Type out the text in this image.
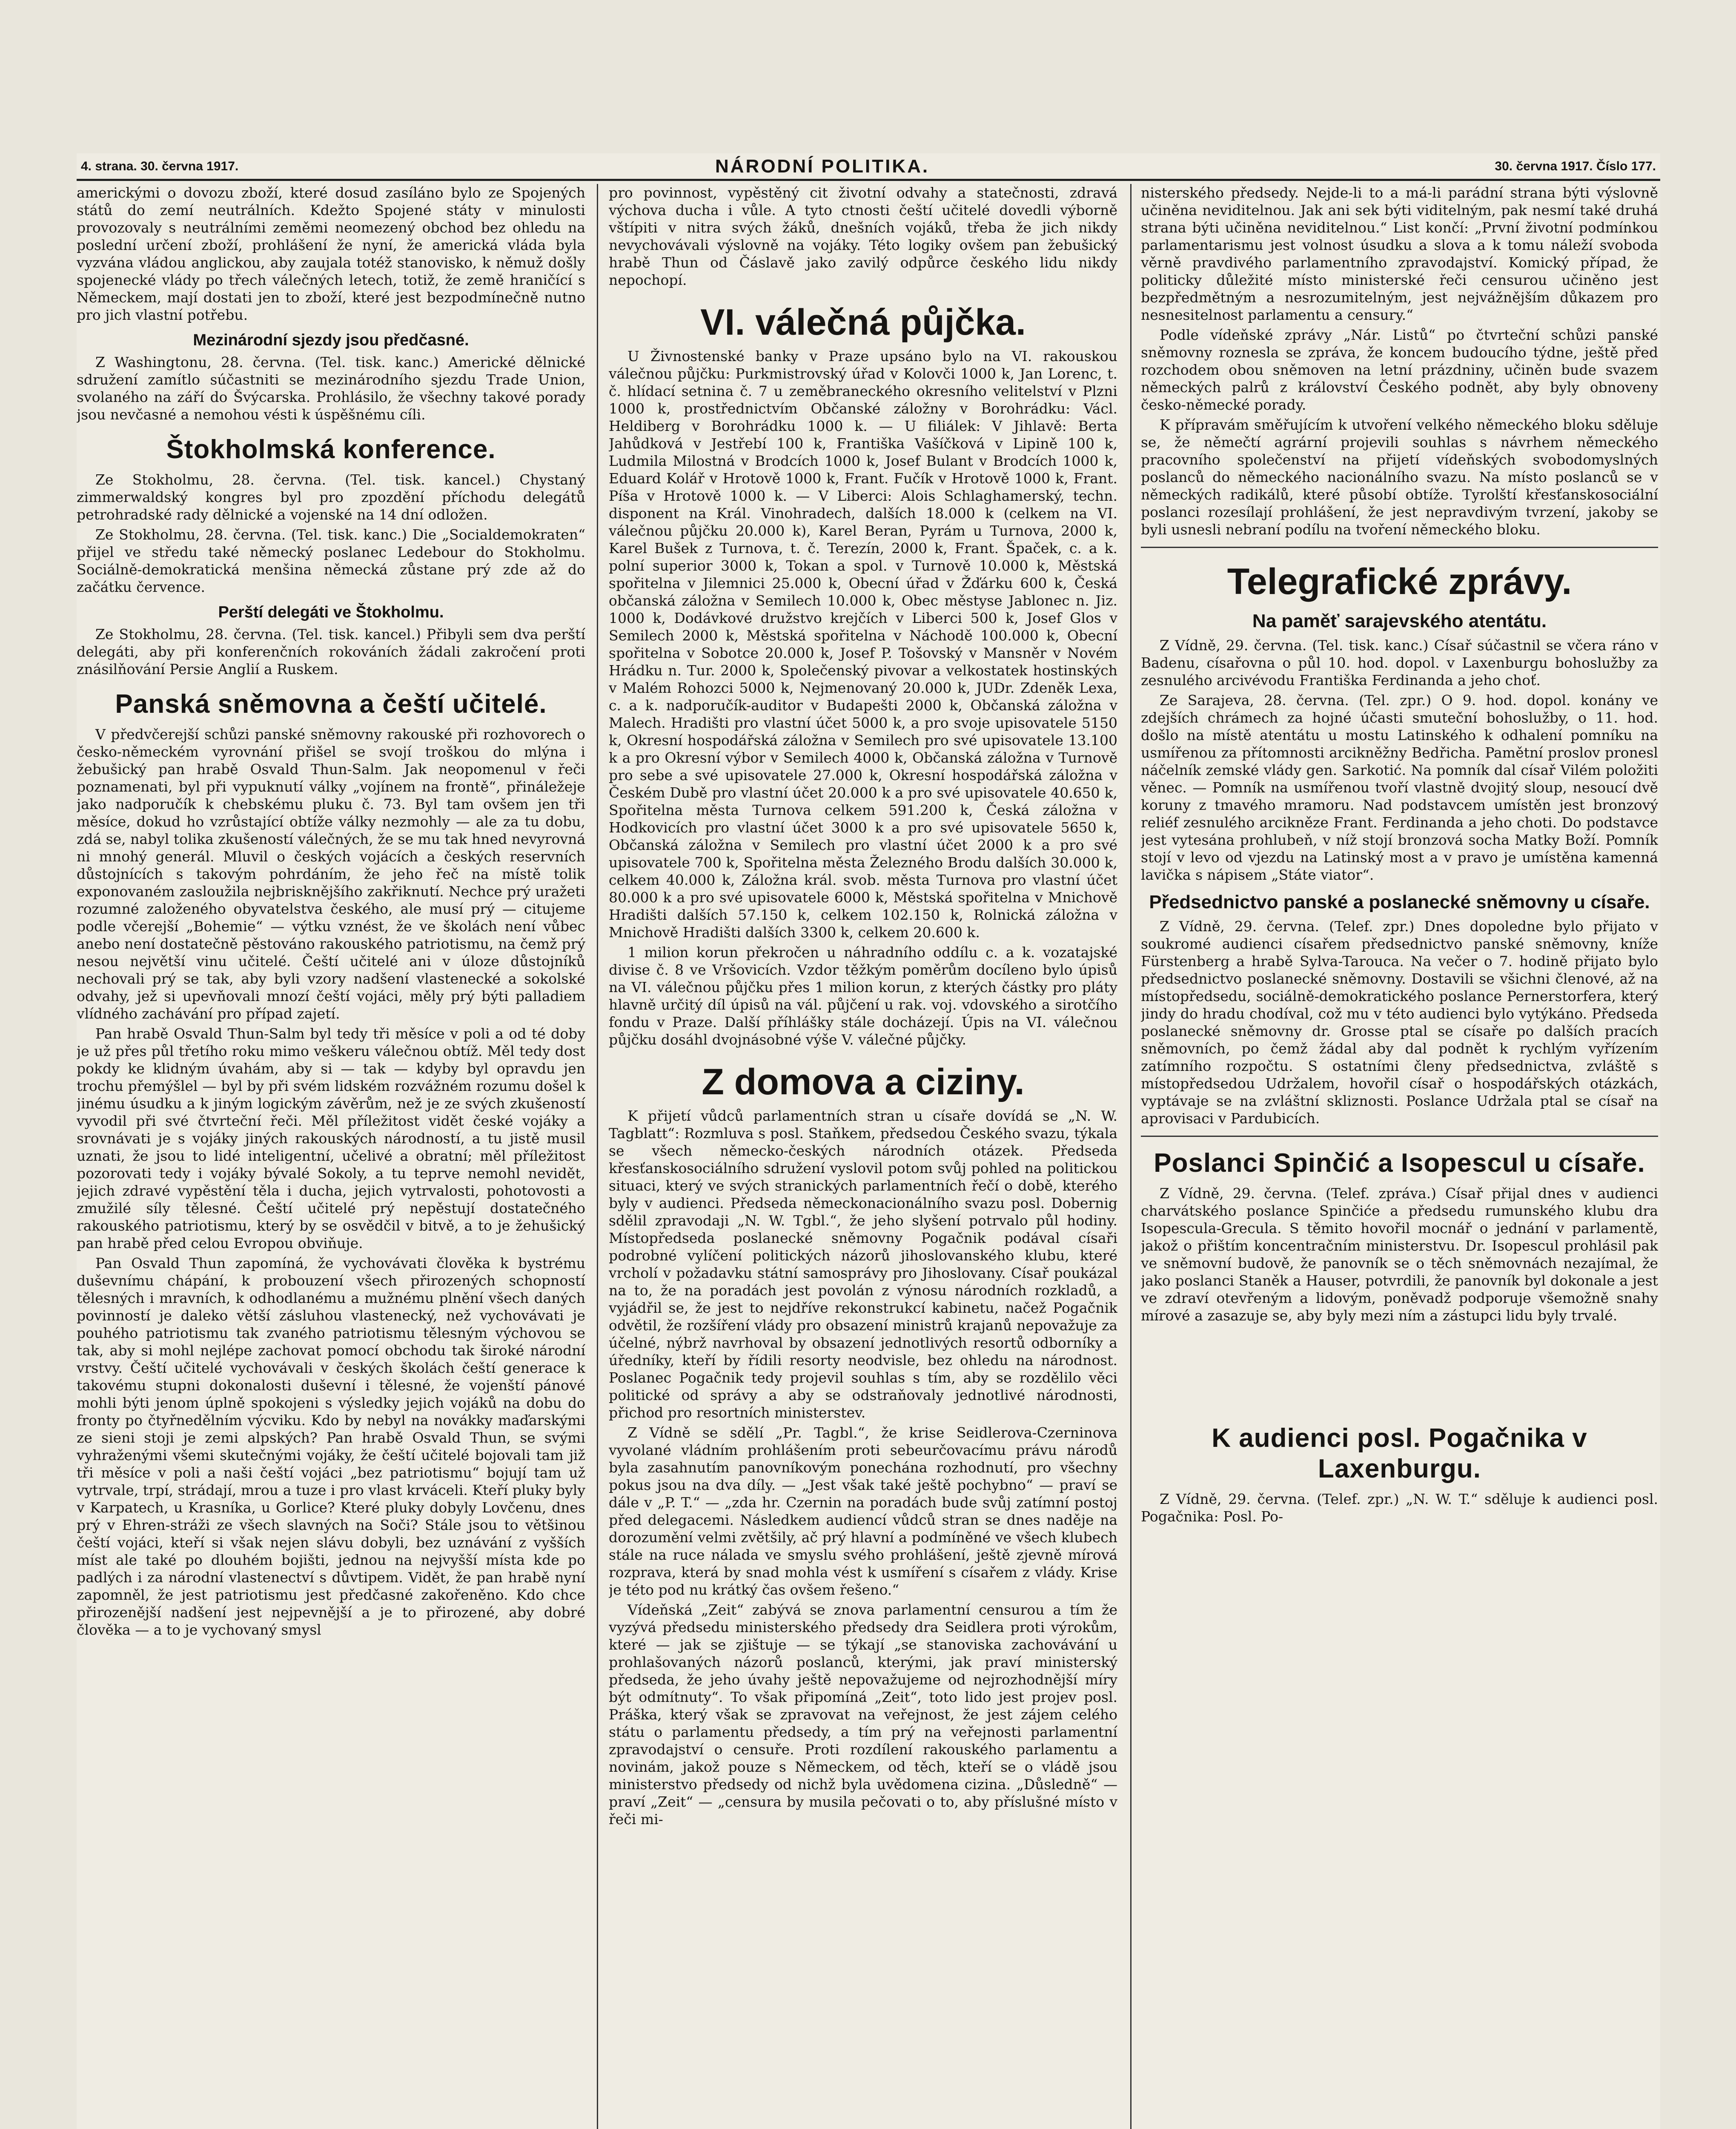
4. strana. 30. června 1917.	NÁRODNÍ POLITIKA.	30. června 1917. Číslo 177.

americkými o dovozu zboží, které dosud zasíláno bylo ze Spojených států do zemí neutrálních. Kdežto Spojené státy v minulosti provozovaly s neutrálními zeměmi neomezený obchod bez ohledu na poslední určení zboží, prohlášení že nyní, že americká vláda byla vyzvána vládou anglickou, aby zaujala totéž stanovisko, k němuž došly spojenecké vlády po třech válečných letech, totiž, že země hraničící s Německem, mají dostati jen to zboží, které jest bezpodmínečně nutno pro jich vlastní potřebu.

Mezinárodní sjezdy jsou předčasné.

Z Washingtonu, 28. června. (Tel. tisk. kanc.) Americké dělnické sdružení zamítlo súčastniti se mezinárodního sjezdu Trade Union, svolaného na září do Švýcarska. Prohlásilo, že všechny takové porady jsou nevčasné a nemohou vésti k úspěšnému cíli.

Štokholmská konference.

Ze Stokholmu, 28. června. (Tel. tisk. kancel.) Chystaný zimmerwaldský kongres byl pro zpozdění příchodu delegátů petrohradské rady dělnické a vojenské na 14 dní odložen.

Ze Stokholmu, 28. června. (Tel. tisk. kanc.) Die „Socialdemokraten“ přijel ve středu také německý poslanec Ledebour do Stokholmu. Sociálně-demokratická menšina německá zůstane prý zde až do začátku července.

Perští delegáti ve Štokholmu.

Ze Stokholmu, 28. června. (Tel. tisk. kancel.) Přibyli sem dva perští delegáti, aby při konferenčních rokováních žádali zakročení proti znásilňování Persie Anglií a Ruskem.

Panská sněmovna a čeští učitelé.

V předvčerejší schůzi panské sněmovny rakouské při rozhovorech o česko-německém vyrovnání přišel se svojí troškou do mlýna i žebušický pan hrabě Osvald Thun-Salm. Jak neopomenul v řeči poznamenati, byl při vypuknutí války „vojínem na frontě“, přináležeje jako nadporučík k chebskému pluku č. 73. Byl tam ovšem jen tři měsíce, dokud ho vzrůstající obtíže války nezmohly — ale za tu dobu, zdá se, nabyl tolika zkušeností válečných, že se mu tak hned nevyrovná ni mnohý generál. Mluvil o českých vojácích a českých reservních důstojnících s takovým pohrdáním, že jeho řeč na místě tolik exponovaném zasloužila nejbrisknějšího zakřiknutí. Nechce prý uražeti rozumné založeného obyvatelstva českého, ale musí prý — citujeme podle včerejší „Bohemie“ — výtku vznést, že ve školách není vůbec anebo není dostatečně pěstováno rakouského patriotismu, na čemž prý nesou největší vinu učitelé. Čeští učitelé ani v úloze důstojníků nechovali prý se tak, aby byli vzory nadšení vlastenecké a sokolské odvahy, jež si upevňovali mnozí čeští vojáci, měly prý býti palladiem vlídného zachávání pro případ zajetí.

Pan hrabě Osvald Thun-Salm byl tedy tři měsíce v poli a od té doby je už přes půl třetího roku mimo veškeru válečnou obtíž. Měl tedy dost pokdy ke klidným úvahám, aby si — tak — kdyby byl opravdu jen trochu přemýšlel — byl by při svém lidském rozvážném rozumu došel k jinému úsudku a k jiným logickým závěrům, než je ze svých zkušeností vyvodil při své čtvrteční řeči. Měl příležitost vidět české vojáky a srovnávati je s vojáky jiných rakouských národností, a tu jistě musil uznati, že jsou to lidé inteligentní, učelivé a obratní; měl příležitost pozorovati tedy i vojáky bývalé Sokoly, a tu teprve nemohl nevidět, jejich zdravé vypěstění těla i ducha, jejich vytrvalosti, pohotovosti a zmužilé síly tělesné. Čeští učitelé prý nepěstují dostatečného rakouského patriotismu, který by se osvědčil v bitvě, a to je žehušický pan hrabě před celou Evropou obviňuje.

Pan Osvald Thun zapomíná, že vychovávati člověka k bystrému duševnímu chápání, k probouzení všech přirozených schopností tělesných i mravních, k odhodlanému a mužnému plnění všech daných povinností je daleko větší zásluhou vlastenecký, než vychovávati je pouhého patriotismu tak zvaného patriotismu tělesným výchovou se tak, aby si mohl nejlépe zachovat pomocí obchodu tak široké národní vrstvy. Čeští učitelé vychovávali v českých školách čeští generace k takovému stupni dokonalosti duševní i tělesné, že vojenští pánové mohli býti jenom úplně spokojeni s výsledky jejich vojáků na dobu do fronty po čtyřnedělním výcviku. Kdo by nebyl na novákky maďarskými ze sieni stoji je zemi alpských? Pan hrabě Osvald Thun, se svými vyhraženými všemi skutečnými vojáky, že čeští učitelé bojovali tam již tři měsíce v poli a naši čeští vojáci „bez patriotismu“ bojují tam už vytrvale, trpí, strádají, mrou a tuze i pro vlast krváceli. Kteří pluky byly v Karpatech, u Krasníka, u Gorlice? Které pluky dobyly Lovčenu, dnes prý v Ehren-stráži ze všech slavných na Soči? Stále jsou to většinou čeští vojáci, kteří si však nejen slávu dobyli, bez uznávání z vyšších míst ale také po dlouhém bojišti, jednou na nejvyšší místa kde po padlých i za národní vlastenectví s důvtipem. Vidět, že pan hrabě nyní zapomněl, že jest patriotismu jest předčasné zakořeněno. Kdo chce přirozenější nadšení jest nejpevnější a je to přirozené, aby dobré člověka — a to je vychovaný smysl

pro povinnost, vypěstěný cit životní odvahy a statečnosti, zdravá výchova ducha i vůle. A tyto ctnosti čeští učitelé dovedli výborně vštípiti v nitra svých žáků, dnešních vojáků, třeba že jich nikdy nevychovávali výslovně na vojáky. Této logiky ovšem pan žebušický hrabě Thun od Čáslavě jako zavilý odpůrce českého lidu nikdy nepochopí.

VI. válečná půjčka.

U Živnostenské banky v Praze upsáno bylo na VI. rakouskou válečnou půjčku: Purkmistrovský úřad v Kolovči 1000 k, Jan Lorenc, t. č. hlídací setnina č. 7 u zeměbraneckého okresního velitelství v Plzni 1000 k, prostřednictvím Občanské záložny v Borohrádku: Václ. Heldiberg v Borohrádku 1000 k. — U filiálek: V Jihlavě: Berta Jahůdková v Jestřebí 100 k, Františka Vašíčková v Lipině 100 k, Ludmila Milostná v Brodcích 1000 k, Josef Bulant v Brodcích 1000 k, Eduard Kolář v Hrotově 1000 k, Frant. Fučík v Hrotově 1000 k, Frant. Píša v Hrotově 1000 k. — V Liberci: Alois Schlaghamerský, techn. disponent na Král. Vinohradech, dalších 18.000 k (celkem na VI. válečnou půjčku 20.000 k), Karel Beran, Pyrám u Turnova, 2000 k, Karel Bušek z Turnova, t. č. Terezín, 2000 k, Frant. Špaček, c. a k. polní superior 3000 k, Tokan a spol. v Turnově 10.000 k, Městská spořitelna v Jilemnici 25.000 k, Obecní úřad v Žďárku 600 k, Česká občanská záložna v Semilech 10.000 k, Obec městyse Jablonec n. Jiz. 1000 k, Dodávkové družstvo krejčích v Liberci 500 k, Josef Glos v Semilech 2000 k, Městská spořitelna v Náchodě 100.000 k, Obecní spořitelna v Sobotce 20.000 k, Josef P. Tošovský v Mansněr v Novém Hrádku n. Tur. 2000 k, Společenský pivovar a velkostatek hostinských v Malém Rohozci 5000 k, Nejmenovaný 20.000 k, JUDr. Zdeněk Lexa, c. a k. nadporučík-auditor v Budapešti 2000 k, Občanská záložna v Malech. Hradišti pro vlastní účet 5000 k, a pro svoje upisovatele 5150 k, Okresní hospodářská záložna v Semilech pro své upisovatele 13.100 k a pro Okresní výbor v Semilech 4000 k, Občanská záložna v Turnově pro sebe a své upisovatele 27.000 k, Okresní hospodářská záložna v Českém Dubě pro vlastní účet 20.000 k a pro své upisovatele 40.650 k, Spořitelna města Turnova celkem 591.200 k, Česká záložna v Hodkovicích pro vlastní účet 3000 k a pro své upisovatele 5650 k, Občanská záložna v Semilech pro vlastní účet 2000 k a pro své upisovatele 700 k, Spořitelna města Železného Brodu dalších 30.000 k, celkem 40.000 k, Záložna král. svob. města Turnova pro vlastní účet 80.000 k a pro své upisovatele 6000 k, Městská spořitelna v Mnichově Hradišti dalších 57.150 k, celkem 102.150 k, Rolnická záložna v Mnichově Hradišti dalších 3300 k, celkem 20.600 k.

1 milion korun překročen u náhradního oddílu c. a k. vozatajské divise č. 8 ve Vršovicích. Vzdor těžkým poměrům docíleno bylo úpisů na VI. válečnou půjčku přes 1 milion korun, z kterých částky pro pláty hlavně určitý díl úpisů na vál. půjčení u rak. voj. vdovského a sirotčího fondu v Praze. Další příhlášky stále docházejí. Úpis na VI. válečnou půjčku dosáhl dvojnásobné výše V. válečné půjčky.

Z domova a ciziny.

K přijetí vůdců parlamentních stran u císaře dovídá se „N. W. Tagblatt“: Rozmluva s posl. Staňkem, předsedou Českého svazu, týkala se všech německo-českých národních otázek. Předseda křesťanskosociálního sdružení vyslovil potom svůj pohled na politickou situaci, který ve svých stranických parlamentních řečí o době, kterého byly v audienci. Předseda německonacionálního svazu posl. Dobernig sdělil zpravodaji „N. W. Tgbl.“, že jeho slyšení potrvalo půl hodiny. Místopředseda poslanecké sněmovny Pogačnik podával císaři podrobné vylíčení politických názorů jihoslovanského klubu, které vrcholí v požadavku státní samosprávy pro Jihoslovany. Císař poukázal na to, že na poradách jest povolán z výnosu národních rozkladů, a vyjádřil se, že jest to nejdříve rekonstrukcí kabinetu, načež Pogačnik odvětil, že rozšíření vlády pro obsazení ministrů krajanů nepovažuje za účelné, nýbrž navrhoval by obsazení jednotlivých resortů odborníky a úředníky, kteří by řídili resorty neodvisle, bez ohledu na národnost. Poslanec Pogačnik tedy projevil souhlas s tím, aby se rozdělilo věci politické od správy a aby se odstraňovaly jednotlivé národnosti, přichod pro resortních ministerstev.

Z Vídně se sdělí „Pr. Tagbl.“, že krise Seidlerova-Czerninova vyvolané vládním prohlášením proti sebeurčovacímu právu národů byla zasahnutím panovníkovým ponechána rozhodnutí, pro všechny pokus jsou na dva díly. — „Jest však také ještě pochybno“ — praví se dále v „P. T.“ — „zda hr. Czernin na poradách bude svůj zatímní postoj před delegacemi. Následkem audiencí vůdců stran se dnes naděje na dorozumění velmi zvětšily, ač prý hlavní a podmíněné ve všech klubech stále na ruce nálada ve smyslu svého prohlášení, ještě zjevně mírová rozprava, která by snad mohla vést k usmíření s císařem z vlády. Krise je této pod nu krátký čas ovšem řešeno.“

Vídeňská „Zeit“ zabývá se znova parlamentní censurou a tím že vyzývá předsedu ministerského předsedy dra Seidlera proti výrokům, které — jak se zjištuje — se týkají „se stanoviska zachovávání u prohlašovaných názorů poslanců, kterými, jak praví ministerský předseda, že jeho úvahy ještě nepovažujeme od nejrozhodnější míry být odmítnuty“. To však připomíná „Zeit“, toto lido jest projev posl. Práška, který však se zpravovat na veřejnost, že jest zájem celého státu o parlamentu předsedy, a tím prý na veřejnosti parlamentní zpravodajství o censuře. Proti rozdílení rakouského parlamentu a novinám, jakož pouze s Německem, od těch, kteří se o vládě jsou ministerstvo předsedy od nichž byla uvědomena cizina. „Důsledně“ — praví „Zeit“ — „censura by musila pečovati o to, aby příslušné místo v řeči mi-

nisterského předsedy. Nejde-li to a má-li parádní strana býti výslovně učiněna neviditelnou. Jak ani sek býti viditelným, pak nesmí také druhá strana býti učiněna neviditelnou.“ List končí: „První životní podmínkou parlamentarismu jest volnost úsudku a slova a k tomu náleží svoboda věrně pravdivého parlamentního zpravodajství. Komický případ, že politicky důležité místo ministerské řeči censurou učiněno jest bezpředmětným a nesrozumitelným, jest nejvážnějším důkazem pro nesnesitelnost parlamentu a censury.“

Podle vídeňské zprávy „Nár. Listů“ po čtvrteční schůzi panské sněmovny roznesla se zpráva, že koncem budoucího týdne, ještě před rozchodem obou sněmoven na letní prázdniny, učiněn bude svazem německých palrů z království Českého podnět, aby byly obnoveny česko-německé porady.

K přípravám směřujícím k utvoření velkého německého bloku sděluje se, že němečtí agrární projevili souhlas s návrhem německého pracovního společenství na přijetí vídeňských svobodomyslných poslanců do německého nacionálního svazu. Na místo poslanců se v německých radikálů, které působí obtíže. Tyrolští křesťanskosociální poslanci rozesílají prohlášení, že jest nepravdivým tvrzení, jakoby se byli usnesli nebraní podílu na tvoření německého bloku.

Telegrafické zprávy.
Na paměť sarajevského atentátu.

Z Vídně, 29. června. (Tel. tisk. kanc.) Císař súčastnil se včera ráno v Badenu, císařovna o půl 10. hod. dopol. v Laxenburgu bohoslužby za zesnulého arcivévodu Františka Ferdinanda a jeho choť.

Ze Sarajeva, 28. června. (Tel. zpr.) O 9. hod. dopol. konány ve zdejších chrámech za hojné účasti smuteční bohoslužby, o 11. hod. došlo na místě atentátu u mostu Latinského k odhalení pomníku na usmířenou za přítomnosti arcikněžny Bedřicha. Pamětní proslov pronesl náčelník zemské vlády gen. Sarkotić. Na pomník dal císař Vilém položiti věnec. — Pomník na usmířenou tvoří vlastně dvojitý sloup, nesoucí dvě koruny z tmavého mramoru. Nad podstavcem umístěn jest bronzový reliéf zesnulého arcikněze Frant. Ferdinanda a jeho choti. Do podstavce jest vytesána prohlubeň, v níž stojí bronzová socha Matky Boží. Pomník stojí v levo od vjezdu na Latinský most a v pravo je umístěna kamenná lavička s nápisem „Státe viator“.

Předsednictvo panské a poslanecké sněmovny u císaře.

Z Vídně, 29. června. (Telef. zpr.) Dnes dopoledne bylo přijato v soukromé audienci císařem předsednictvo panské sněmovny, kníže Fürstenberg a hrabě Sylva-Tarouca. Na večer o 7. hodině přijato bylo předsednictvo poslanecké sněmovny. Dostavili se všichni členové, až na místopředsedu, sociálně-demokratického poslance Pernerstorfera, který jindy do hradu chodíval, což mu v této audienci bylo vytýkáno. Předseda poslanecké sněmovny dr. Grosse ptal se císaře po dalších pracích sněmovních, po čemž žádal aby dal podnět k rychlým vyřízením zatímního rozpočtu. S ostatními členy předsednictva, zvláště s místopředsedou Udržalem, hovořil císař o hospodářských otázkách, vyptávaje se na zvláštní skliznosti. Poslance Udržala ptal se císař na aprovisaci v Pardubicích.

Poslanci Spinčić a Isopescul u císaře.

Z Vídně, 29. června. (Telef. zpráva.) Císař přijal dnes v audienci charvátského poslance Spinčiće a předsedu rumunského klubu dra Isopescula-Grecula. S těmito hovořil mocnář o jednání v parlamentě, jakož o přištím koncentračním ministerstvu. Dr. Isopescul prohlásil pak ve sněmovní budově, že panovník se o těch sněmovnách nezajímal, že jako poslanci Staněk a Hauser, potvrdili, že panovník byl dokonale a jest ve zdraví otevřeným a lidovým, poněvadž podporuje všemožně snahy mírové a zasazuje se, aby byly mezi ním a zástupci lidu byly trvalé.

K audienci posl. Pogačnika v Laxenburgu.

Z Vídně, 29. června. (Telef. zpr.) „N. W. T.“ sděluje k audienci posl. Pogačnika: Posl. Po-
